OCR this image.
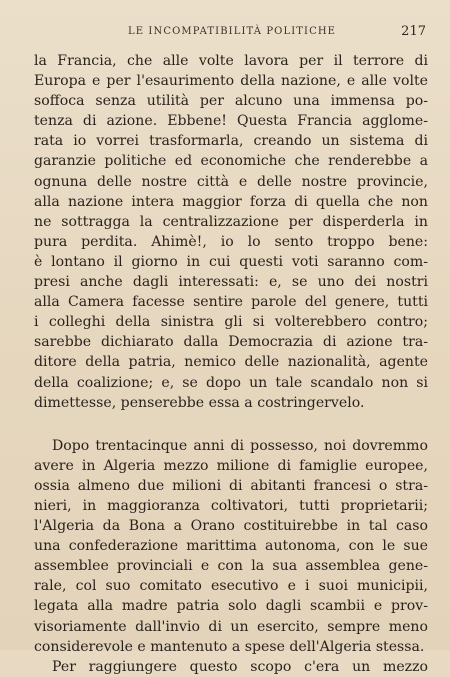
LE INCOMPATIBILITÀ POLITICHE	217
la Francia, che alle volte lavora per il terrore di
Europa e per l'esaurimento della nazione, e alle volte
soffoca senza utilità per alcuno una immensa po-
tenza di azione. Ebbene! Questa Francia agglome-
rata io vorrei trasformarla, creando un sistema di
garanzie politiche ed economiche che renderebbe a
ognuna delle nostre città e delle nostre provincie,
alla nazione intera maggior forza di quella che non
ne sottragga la centralizzazione per disperderla in
pura perdita. Ahimè!, io lo sento troppo bene:
è lontano il giorno in cui questi voti saranno com-
presi anche dagli interessati: e, se uno dei nostri
alla Camera facesse sentire parole del genere, tutti
i colleghi della sinistra gli si volterebbero contro;
sarebbe dichiarato dalla Democrazia di azione tra-
ditore della patria, nemico delle nazionalità, agente
della coalizione; e, se dopo un tale scandalo non si
dimettesse, penserebbe essa a costringervelo.
Dopo trentacinque anni di possesso, noi dovremmo
avere in Algeria mezzo milione di famiglie europee,
ossia almeno due milioni di abitanti francesi o stra-
nieri, in maggioranza coltivatori, tutti proprietarii;
l'Algeria da Bona a Orano costituirebbe in tal caso
una confederazione marittima autonoma, con le sue
assemblee provinciali e con la sua assemblea gene-
rale, col suo comitato esecutivo e i suoi municipii,
legata alla madre patria solo dagli scambii e prov-
visoriamente dall'invio di un esercito, sempre meno
considerevole e mantenuto a spese dell'Algeria stessa.
Per raggiungere questo scopo c'era un mezzo
